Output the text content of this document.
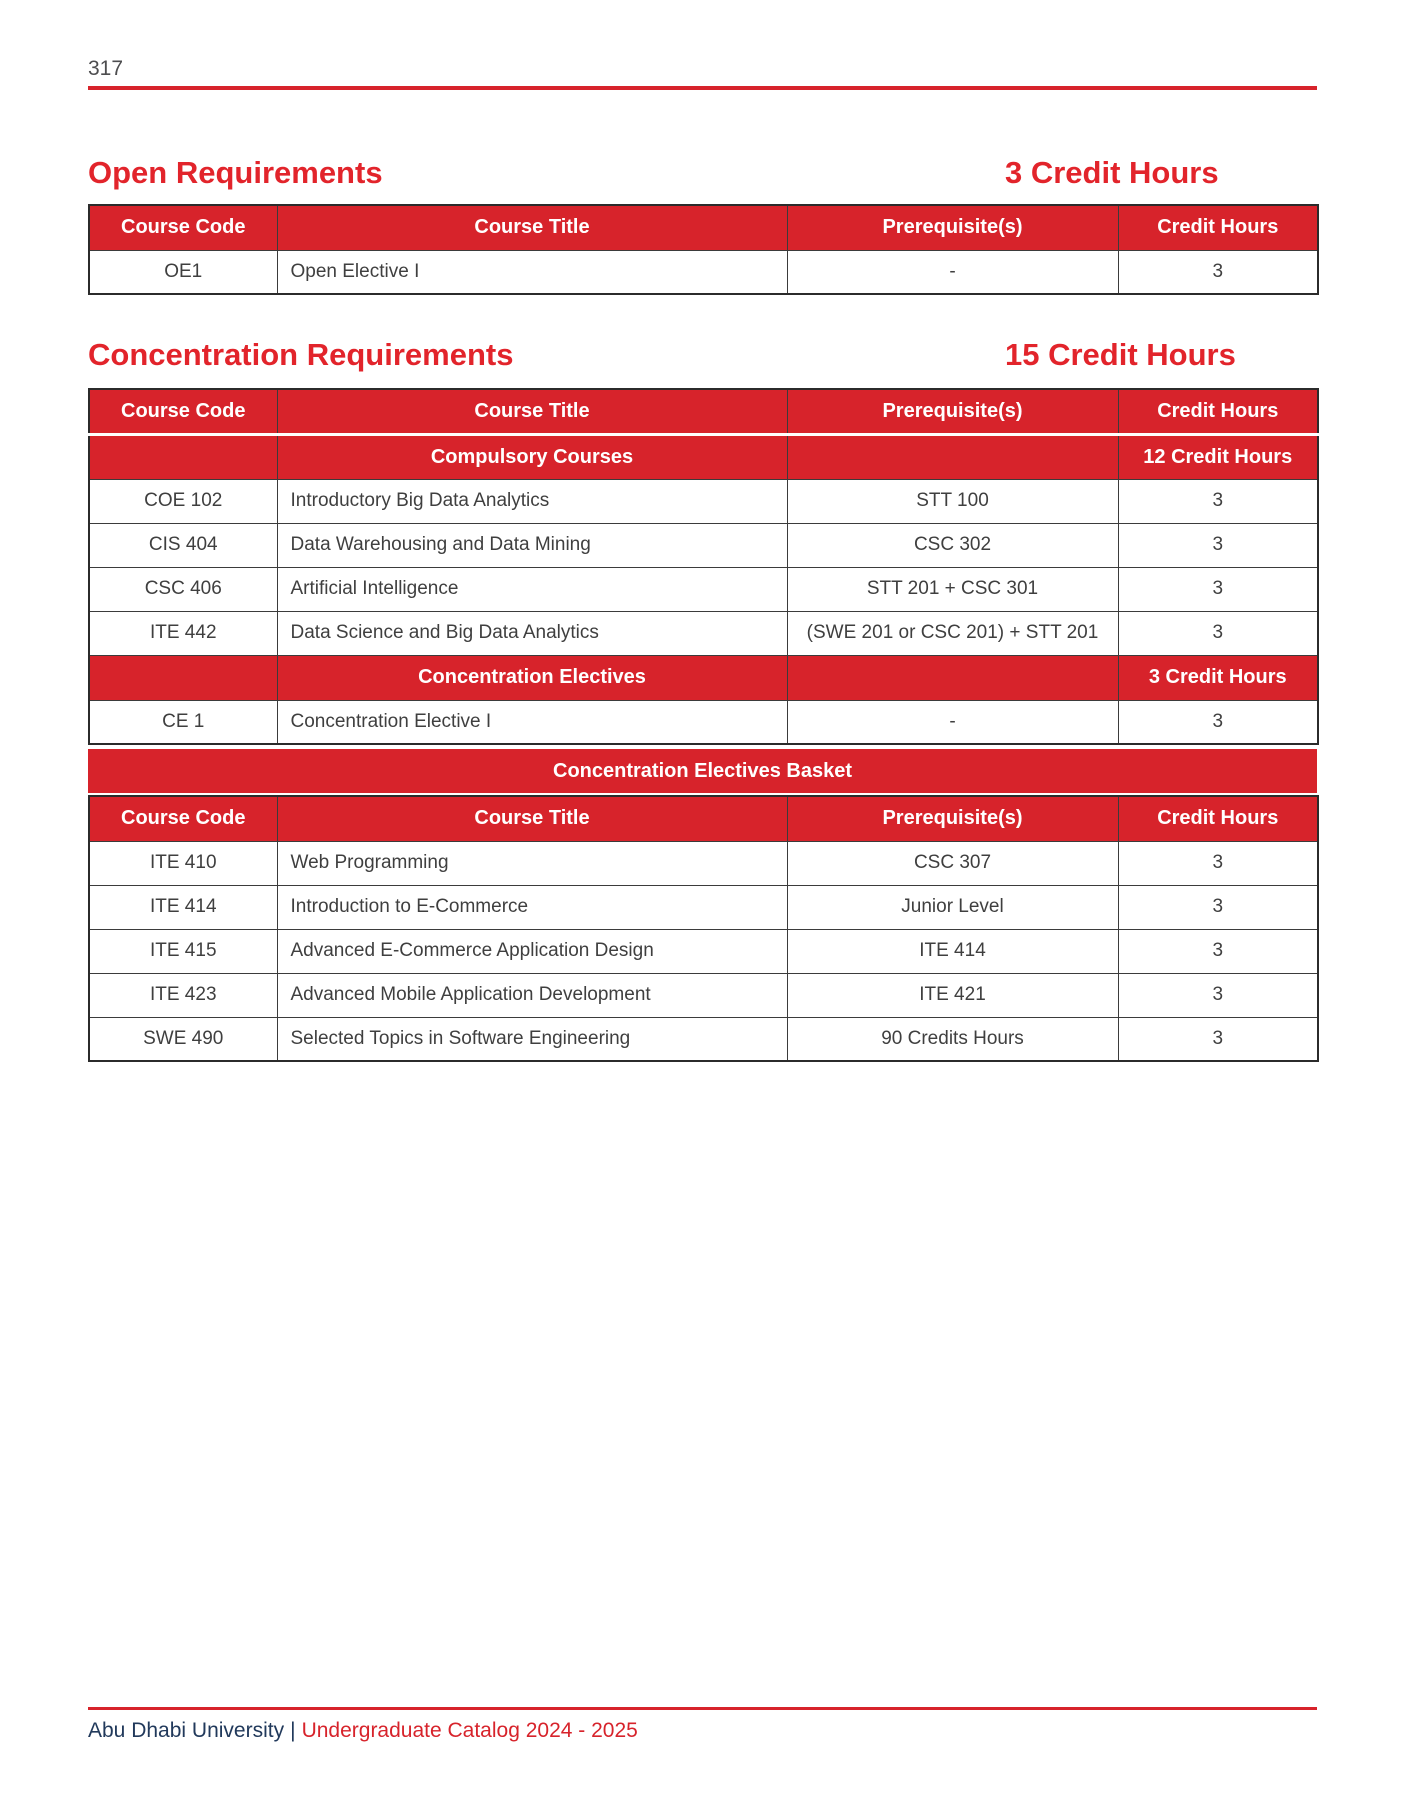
317
Open Requirements	3 Credit Hours
Course Code	Course Title	Prerequisite(s)	Credit Hours
OE1	Open Elective I	-	3
Concentration Requirements	15 Credit Hours
Course Code	Course Title	Prerequisite(s)	Credit Hours
	Compulsory Courses		12 Credit Hours
COE 102	Introductory Big Data Analytics	STT 100	3
CIS 404	Data Warehousing and Data Mining	CSC 302	3
CSC 406	Artificial Intelligence	STT 201 + CSC 301	3
ITE 442	Data Science and Big Data Analytics	(SWE 201 or CSC 201) + STT 201	3
	Concentration Electives		3 Credit Hours
CE 1	Concentration Elective I	-	3
Concentration Electives Basket
Course Code	Course Title	Prerequisite(s)	Credit Hours
ITE 410	Web Programming	CSC 307	3
ITE 414	Introduction to E-Commerce	Junior Level	3
ITE 415	Advanced E-Commerce Application Design	ITE 414	3
ITE 423	Advanced Mobile Application Development	ITE 421	3
SWE 490	Selected Topics in Software Engineering	90 Credits Hours	3
Abu Dhabi University | Undergraduate Catalog 2024 - 2025
